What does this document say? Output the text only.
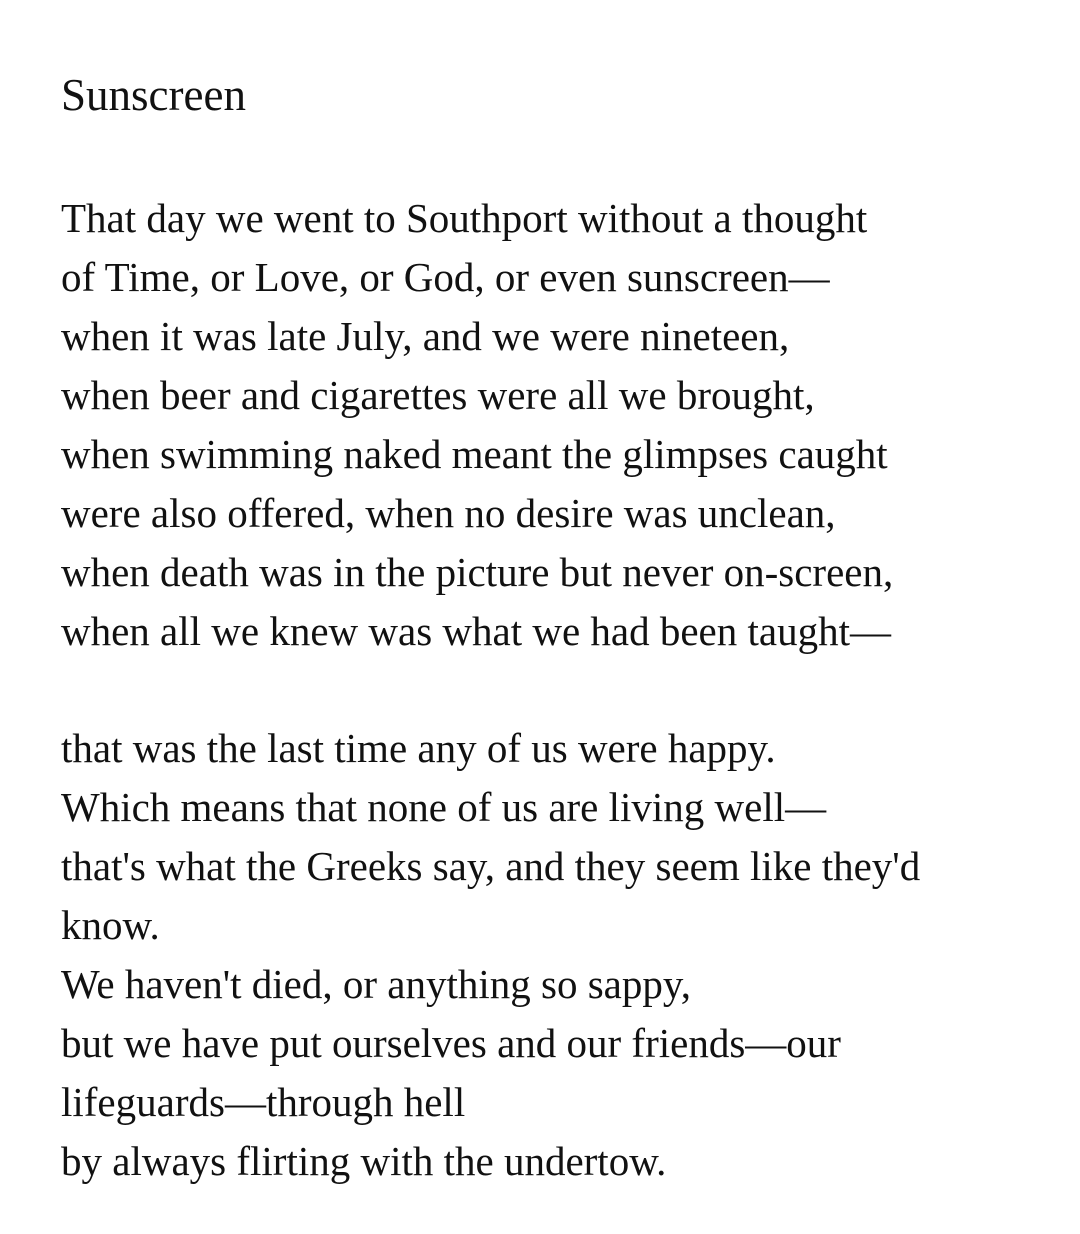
Sunscreen
That day we went to Southport without a thought
of Time, or Love, or God, or even sunscreen—
when it was late July, and we were nineteen,
when beer and cigarettes were all we brought,
when swimming naked meant the glimpses caught
were also offered, when no desire was unclean,
when death was in the picture but never on-screen,
when all we knew was what we had been taught—
that was the last time any of us were happy.
Which means that none of us are living well—
that's what the Greeks say, and they seem like they'd
know.
We haven't died, or anything so sappy,
but we have put ourselves and our friends—our
lifeguards—through hell
by always flirting with the undertow.
